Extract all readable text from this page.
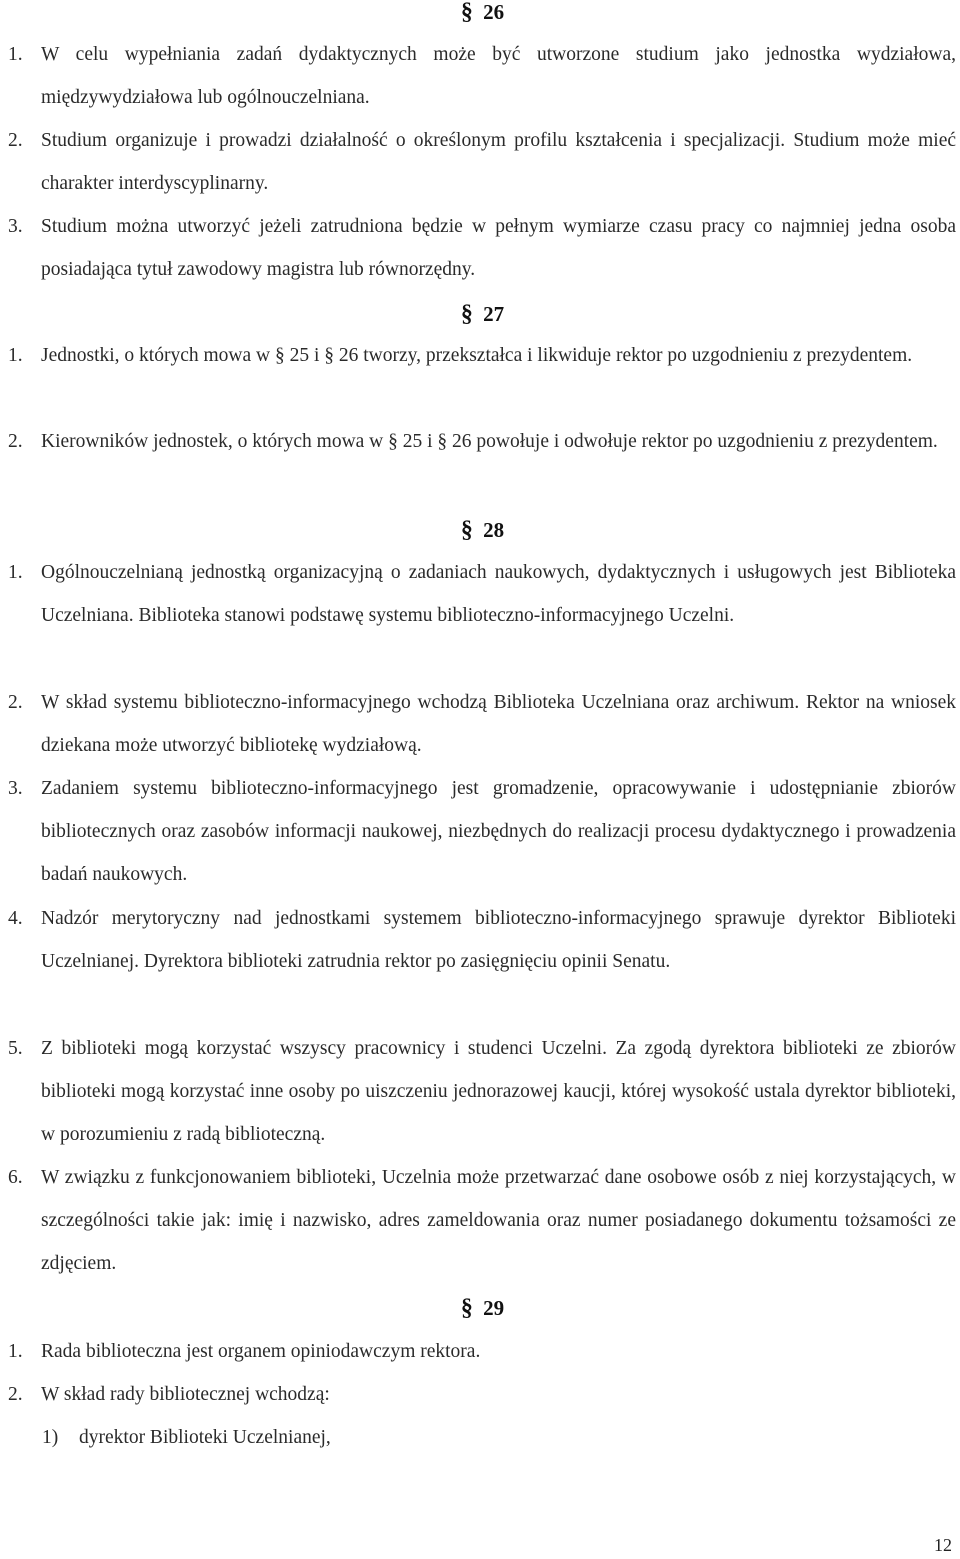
§ 26
1. W celu wypełniania zadań dydaktycznych może być utworzone studium jako jednostka wydziałowa, międzywydziałowa lub ogólnouczelniana.
2. Studium organizuje i prowadzi działalność o określonym profilu kształcenia i specjalizacji. Studium może mieć charakter interdyscyplinarny.
3. Studium można utworzyć jeżeli zatrudniona będzie w pełnym wymiarze czasu pracy co najmniej jedna osoba posiadająca tytuł zawodowy magistra lub równorzędny.
§ 27
1. Jednostki, o których mowa w § 25 i § 26 tworzy, przekształca i likwiduje rektor po uzgodnieniu z prezydentem.
2. Kierowników jednostek, o których mowa w § 25 i § 26 powołuje i odwołuje rektor po uzgodnieniu z prezydentem.
§ 28
1. Ogólnouczelnianą jednostką organizacyjną o zadaniach naukowych, dydaktycznych i usługowych jest Biblioteka Uczelniana. Biblioteka stanowi podstawę systemu biblioteczno-informacyjnego Uczelni.
2. W skład systemu biblioteczno-informacyjnego wchodzą Biblioteka Uczelniana oraz archiwum. Rektor na wniosek dziekana może utworzyć bibliotekę wydziałową.
3. Zadaniem systemu biblioteczno-informacyjnego jest gromadzenie, opracowywanie i udostępnianie zbiorów bibliotecznych oraz zasobów informacji naukowej, niezbędnych do realizacji procesu dydaktycznego i prowadzenia badań naukowych.
4. Nadzór merytoryczny nad jednostkami systemem biblioteczno-informacyjnego sprawuje dyrektor Biblioteki Uczelnianej. Dyrektora biblioteki zatrudnia rektor po zasięgnięciu opinii Senatu.
5. Z biblioteki mogą korzystać wszyscy pracownicy i studenci Uczelni. Za zgodą dyrektora biblioteki ze zbiorów biblioteki mogą korzystać inne osoby po uiszczeniu jednorazowej kaucji, której wysokość ustala dyrektor biblioteki, w porozumieniu z radą biblioteczną.
6. W związku z funkcjonowaniem biblioteki, Uczelnia może przetwarzać dane osobowe osób z niej korzystających, w szczególności takie jak: imię i nazwisko, adres zameldowania oraz numer posiadanego dokumentu tożsamości ze zdjęciem.
§ 29
1. Rada biblioteczna jest organem opiniodawczym rektora.
2. W skład rady bibliotecznej wchodzą:
1) dyrektor Biblioteki Uczelnianej,
12
